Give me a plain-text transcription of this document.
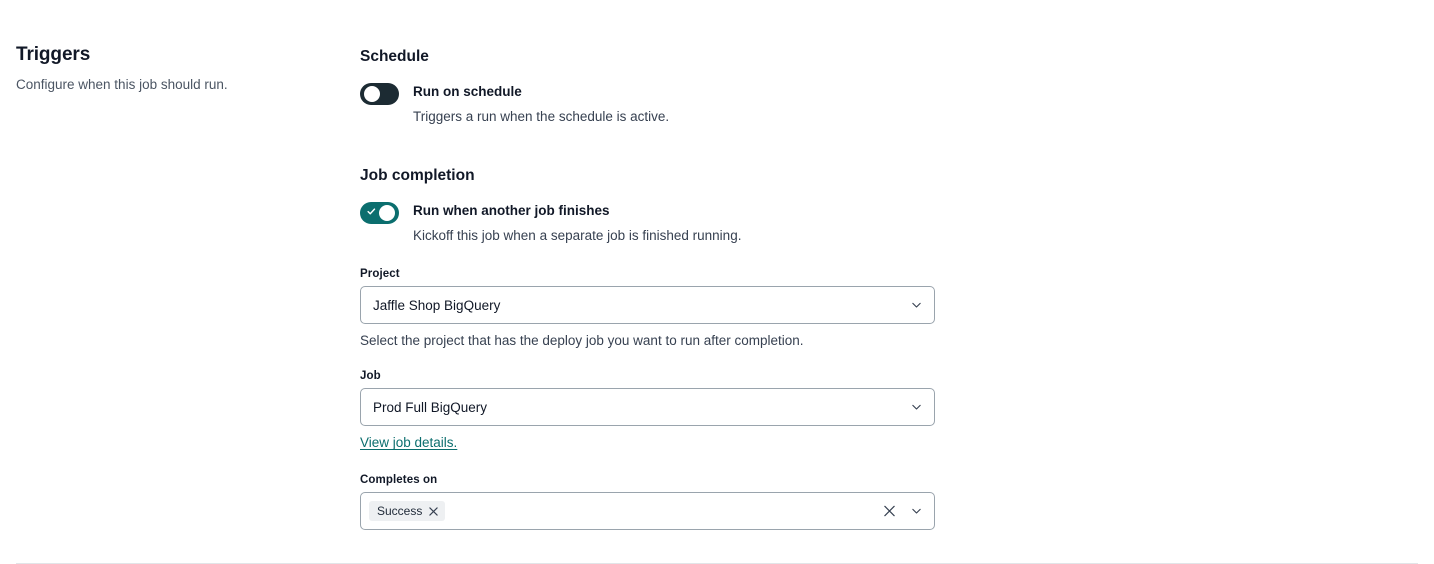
Triggers
Configure when this job should run.
Schedule
Run on schedule
Triggers a run when the schedule is active.
Job completion
Run when another job finishes
Kickoff this job when a separate job is finished running.
Project
Jaffle Shop BigQuery
Select the project that has the deploy job you want to run after completion.
Job
Prod Full BigQuery
View job details.
Completes on
Success
